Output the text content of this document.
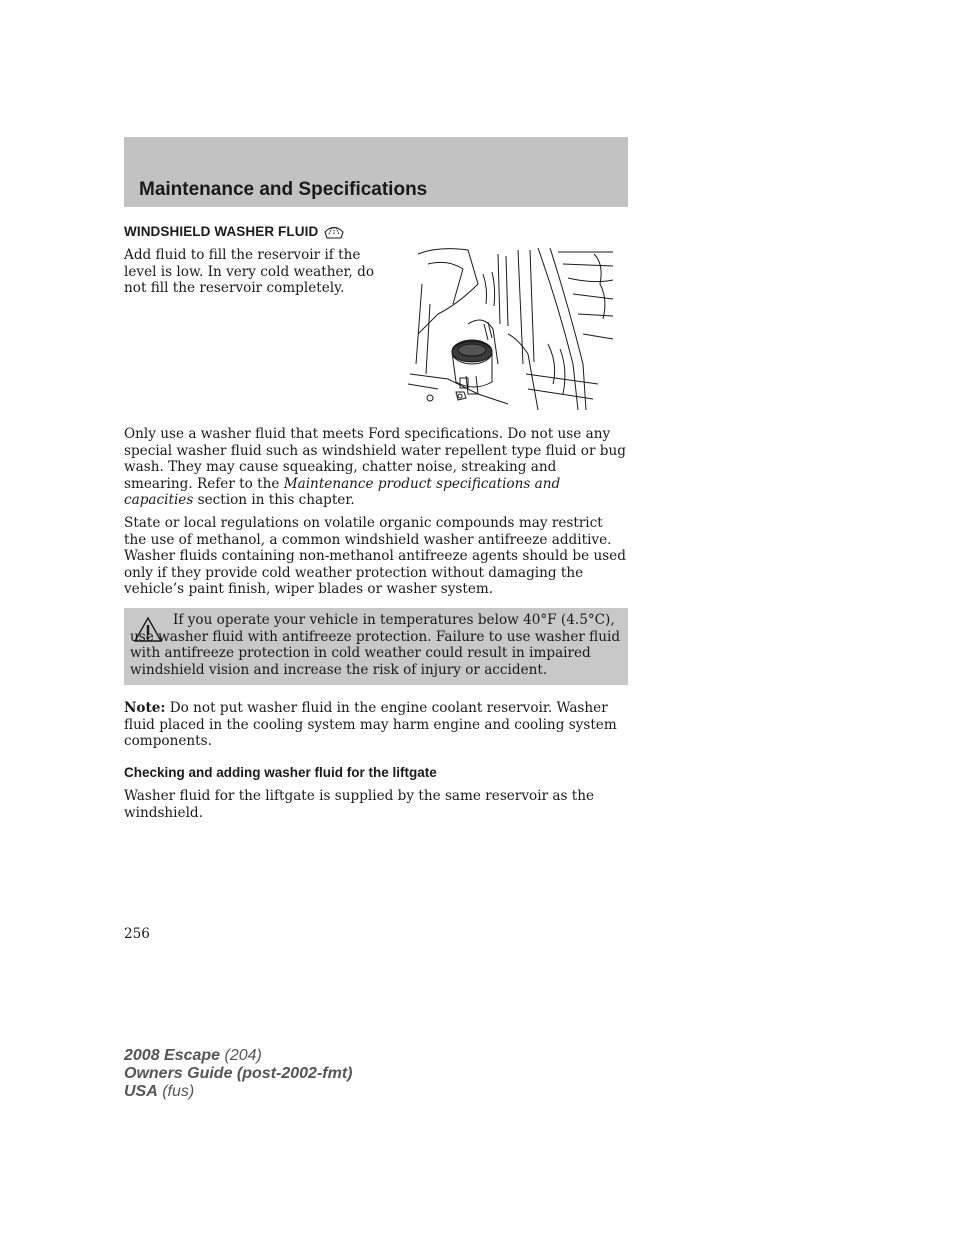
Maintenance and Specifications
WINDSHIELD WASHER FLUID
Add fluid to fill the reservoir if the level is low. In very cold weather, do not fill the reservoir completely.
Only use a washer fluid that meets Ford specifications. Do not use any special washer fluid such as windshield water repellent type fluid or bug wash. They may cause squeaking, chatter noise, streaking and smearing. Refer to the Maintenance product specifications and capacities section in this chapter.
State or local regulations on volatile organic compounds may restrict the use of methanol, a common windshield washer antifreeze additive. Washer fluids containing non-methanol antifreeze agents should be used only if they provide cold weather protection without damaging the vehicle’s paint finish, wiper blades or washer system.
If you operate your vehicle in temperatures below 40°F (4.5°C), use washer fluid with antifreeze protection. Failure to use washer fluid with antifreeze protection in cold weather could result in impaired windshield vision and increase the risk of injury or accident.
Note: Do not put washer fluid in the engine coolant reservoir. Washer fluid placed in the cooling system may harm engine and cooling system components.
Checking and adding washer fluid for the liftgate
Washer fluid for the liftgate is supplied by the same reservoir as the windshield.
256
2008 Escape (204)
Owners Guide (post-2002-fmt)
USA (fus)
